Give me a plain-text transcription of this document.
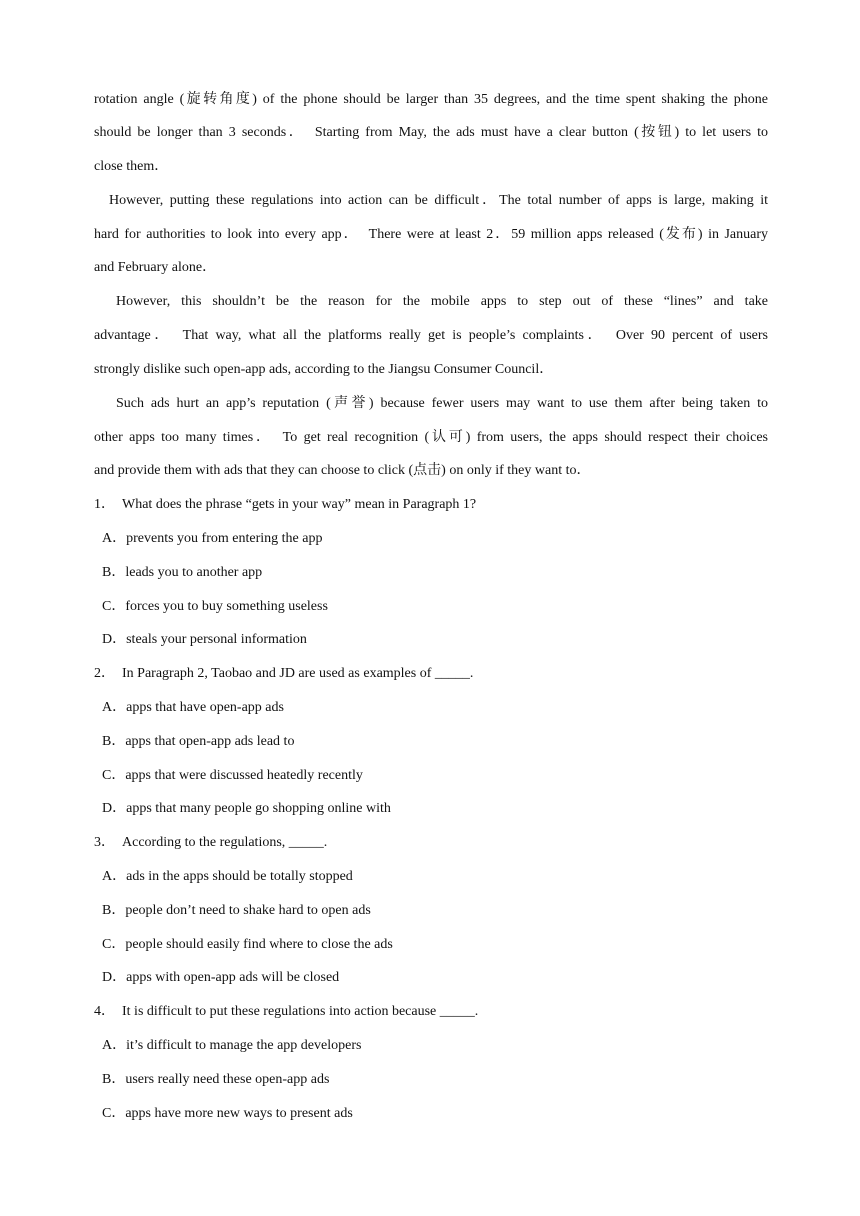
rotation angle (旋转角度) of the phone should be larger than 35 degrees, and the time spent shaking the phone

should be longer than 3 seconds．　Starting from May, the ads must have a clear button (按钮) to let users to

close them．

However, putting these regulations into action can be difficult．The total number of apps is large, making it

hard for authorities to look into every app．　There were at least 2．59 million apps released (发布) in January

and February alone．

However, this shouldn’t be the reason for the mobile apps to step out of these “lines” and take

advantage．　That way, what all the platforms really get is people’s complaints．　Over 90 percent of users

strongly dislike such open-app ads, according to the Jiangsu Consumer Council．

Such ads hurt an app’s reputation (声誉) because fewer users may want to use them after being taken to

other apps too many times．　To get real recognition (认可) from users, the apps should respect their choices

and provide them with ads that they can choose to click (点击) on only if they want to．

1．　What does the phrase “gets in your way” mean in Paragraph 1?

A．prevents you from entering the app

B．leads you to another app

C．forces you to buy something useless

D．steals your personal information

2．　In Paragraph 2, Taobao and JD are used as examples of _____.

A．apps that have open-app ads

B．apps that open-app ads lead to

C．apps that were discussed heatedly recently

D．apps that many people go shopping online with

3．　According to the regulations, _____.

A．ads in the apps should be totally stopped

B．people don’t need to shake hard to open ads

C．people should easily find where to close the ads

D．apps with open-app ads will be closed

4．　It is difficult to put these regulations into action because _____.

A．it’s difficult to manage the app developers

B．users really need these open-app ads

C．apps have more new ways to present ads
